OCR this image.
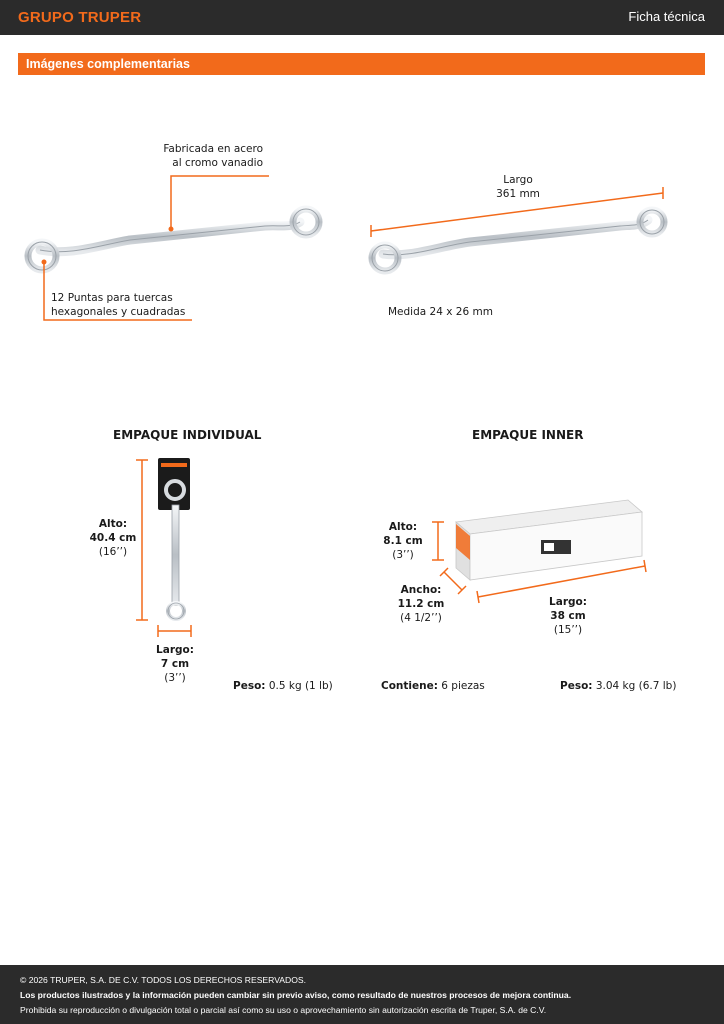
GRUPO TRUPER	Ficha técnica
Imágenes complementarias
Fabricada en acero
al cromo vanadio
12 Puntas para tuercas
hexagonales y cuadradas
Largo
361 mm
Medida 24 x 26 mm
EMPAQUE INDIVIDUAL
Alto:
40.4 cm
(16’’)
Largo:
7 cm
(3’’)
Peso: 0.5 kg (1 lb)
EMPAQUE INNER
Alto:
8.1 cm
(3’’)
Ancho:
11.2 cm
(4 1/2’’)
Largo:
38 cm
(15’’)
Contiene: 6 piezas	Peso: 3.04 kg (6.7 lb)
© 2026 TRUPER, S.A. DE C.V. TODOS LOS DERECHOS RESERVADOS.
Los productos ilustrados y la información pueden cambiar sin previo aviso, como resultado de nuestros procesos de mejora continua.
Prohibida su reproducción o divulgación total o parcial así como su uso o aprovechamiento sin autorización escrita de Truper, S.A. de C.V.
